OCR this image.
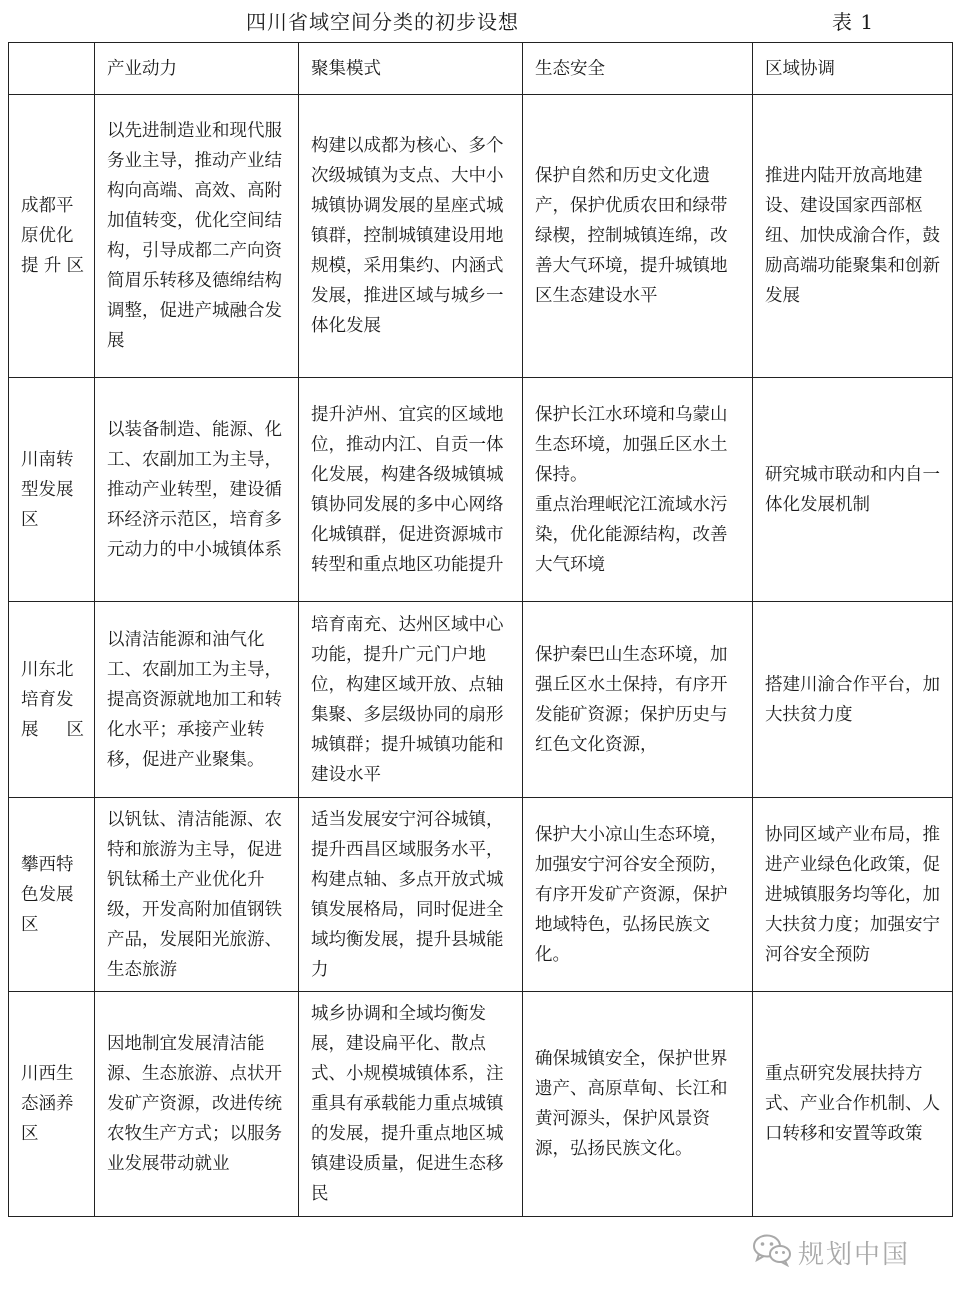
四川省域空间分类的初步设想	表 1
	产业动力	聚集模式	生态安全	区域协调
成都平原优化提升区	以先进制造业和现代服务业主导，推动产业结构向高端、高效、高附加值转变，优化空间结构，引导成都二产向资简眉乐转移及德绵结构调整，促进产城融合发展	构建以成都为核心、多个次级城镇为支点、大中小城镇协调发展的星座式城镇群，控制城镇建设用地规模，采用集约、内涵式发展，推进区域与城乡一体化发展	保护自然和历史文化遗产，保护优质农田和绿带绿楔，控制城镇连绵，改善大气环境，提升城镇地区生态建设水平	推进内陆开放高地建设、建设国家西部枢纽、加快成渝合作，鼓励高端功能聚集和创新发展
川南转型发展区	以装备制造、能源、化工、农副加工为主导，推动产业转型，建设循环经济示范区，培育多元动力的中小城镇体系	提升泸州、宜宾的区域地位，推动内江、自贡一体化发展，构建各级城镇城镇协同发展的多中心网络化城镇群，促进资源城市转型和重点地区功能提升	保护长江水环境和乌蒙山生态环境，加强丘区水土保持。
重点治理岷沱江流域水污染，优化能源结构，改善大气环境	研究城市联动和内自一体化发展机制
川东北培育发展区	以清洁能源和油气化工、农副加工为主导，提高资源就地加工和转化水平；承接产业转移，促进产业聚集。	培育南充、达州区域中心功能，提升广元门户地位，构建区域开放、点轴集聚、多层级协同的扇形城镇群；提升城镇功能和建设水平	保护秦巴山生态环境，加强丘区水土保持，有序开发能矿资源；保护历史与红色文化资源，	搭建川渝合作平台，加大扶贫力度
攀西特色发展区	以钒钛、清洁能源、农特和旅游为主导，促进钒钛稀土产业优化升级，开发高附加值钢铁产品，发展阳光旅游、生态旅游	适当发展安宁河谷城镇，提升西昌区域服务水平，构建点轴、多点开放式城镇发展格局，同时促进全域均衡发展，提升县城能力	保护大小凉山生态环境，加强安宁河谷安全预防，有序开发矿产资源，保护地域特色，弘扬民族文化。	协同区域产业布局，推进产业绿色化政策，促进城镇服务均等化，加大扶贫力度；加强安宁河谷安全预防
川西生态涵养区	因地制宜发展清洁能源、生态旅游、点状开发矿产资源，改进传统农牧生产方式；以服务业发展带动就业	城乡协调和全域均衡发展，建设扁平化、散点式、小规模城镇体系，注重具有承载能力重点城镇的发展，提升重点地区城镇建设质量，促进生态移民	确保城镇安全，保护世界遗产、高原草甸、长江和黄河源头，保护风景资源，弘扬民族文化。	重点研究发展扶持方式、产业合作机制、人口转移和安置等政策
规划中国
